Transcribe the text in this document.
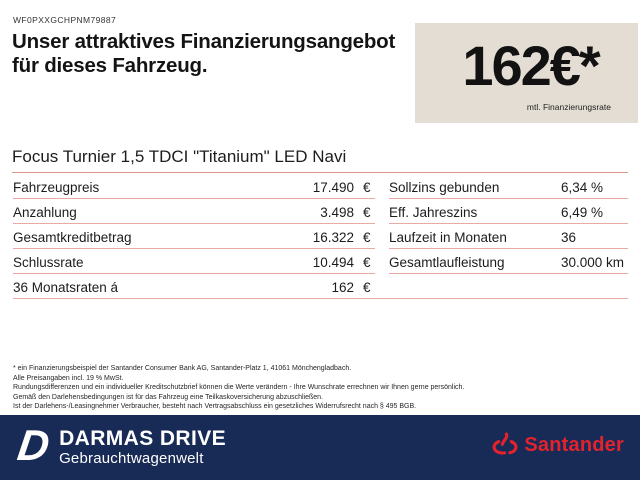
WF0PXXGCHPNM79887
Unser attraktives Finanzierungsangebot
für dieses Fahrzeug.	162€*
mtl. Finanzierungsrate
Focus Turnier 1,5 TDCI "Titanium" LED Navi
Fahrzeugpreis	17.490 €	Sollzins gebunden	6,34 %
Anzahlung	3.498 €	Eff. Jahreszins	6,49 %
Gesamtkreditbetrag	16.322 €	Laufzeit in Monaten	36
Schlussrate	10.494 €	Gesamtlaufleistung	30.000 km
36 Monatsraten á	162 €
* ein Finanzierungsbeispiel der Santander Consumer Bank AG, Santander-Platz 1, 41061 Mönchengladbach.
Alle Preisangaben incl. 19 % MwSt.
Rundungsdifferenzen und ein individueller Kreditschutzbrief können die Werte verändern - Ihre Wunschrate errechnen wir Ihnen gerne persönlich.
Gemäß den Darlehensbedingungen ist für das Fahrzeug eine Teilkaskoversicherung abzuschließen.
Ist der Darlehens-/Leasingnehmer Verbraucher, besteht nach Vertragsabschluss ein gesetzliches Widerrufsrecht nach § 495 BGB.
D DARMAS DRIVE
Gebrauchtwagenwelt
Santander
